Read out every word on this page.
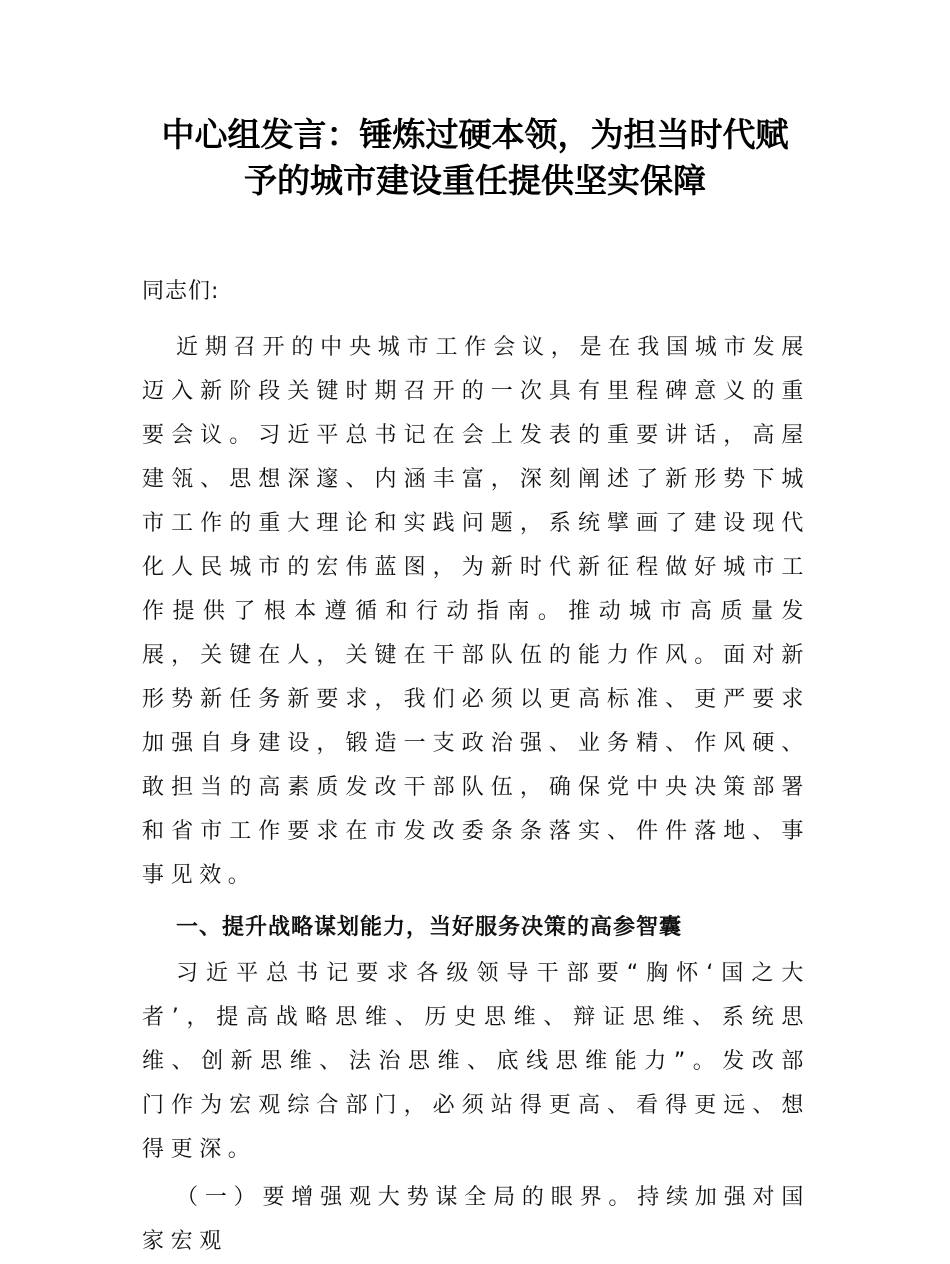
中心组发言：锤炼过硬本领，为担当时代赋
予的城市建设重任提供坚实保障

同志们:

近期召开的中央城市工作会议，是在我国城市发展迈入新阶段关键时期召开的一次具有里程碑意义的重要会议。习近平总书记在会上发表的重要讲话，高屋建瓴、思想深邃、内涵丰富，深刻阐述了新形势下城市工作的重大理论和实践问题，系统擘画了建设现代化人民城市的宏伟蓝图，为新时代新征程做好城市工作提供了根本遵循和行动指南。推动城市高质量发展，关键在人，关键在干部队伍的能力作风。面对新形势新任务新要求，我们必须以更高标准、更严要求加强自身建设，锻造一支政治强、业务精、作风硬、敢担当的高素质发改干部队伍，确保党中央决策部署和省市工作要求在市发改委条条落实、件件落地、事事见效。

一、提升战略谋划能力，当好服务决策的高参智囊

习近平总书记要求各级领导干部要“胸怀‘国之大者’，提高战略思维、历史思维、辩证思维、系统思维、创新思维、法治思维、底线思维能力”。发改部门作为宏观综合部门，必须站得更高、看得更远、想得更深。

（一）要增强观大势谋全局的眼界。持续加强对国家宏观
